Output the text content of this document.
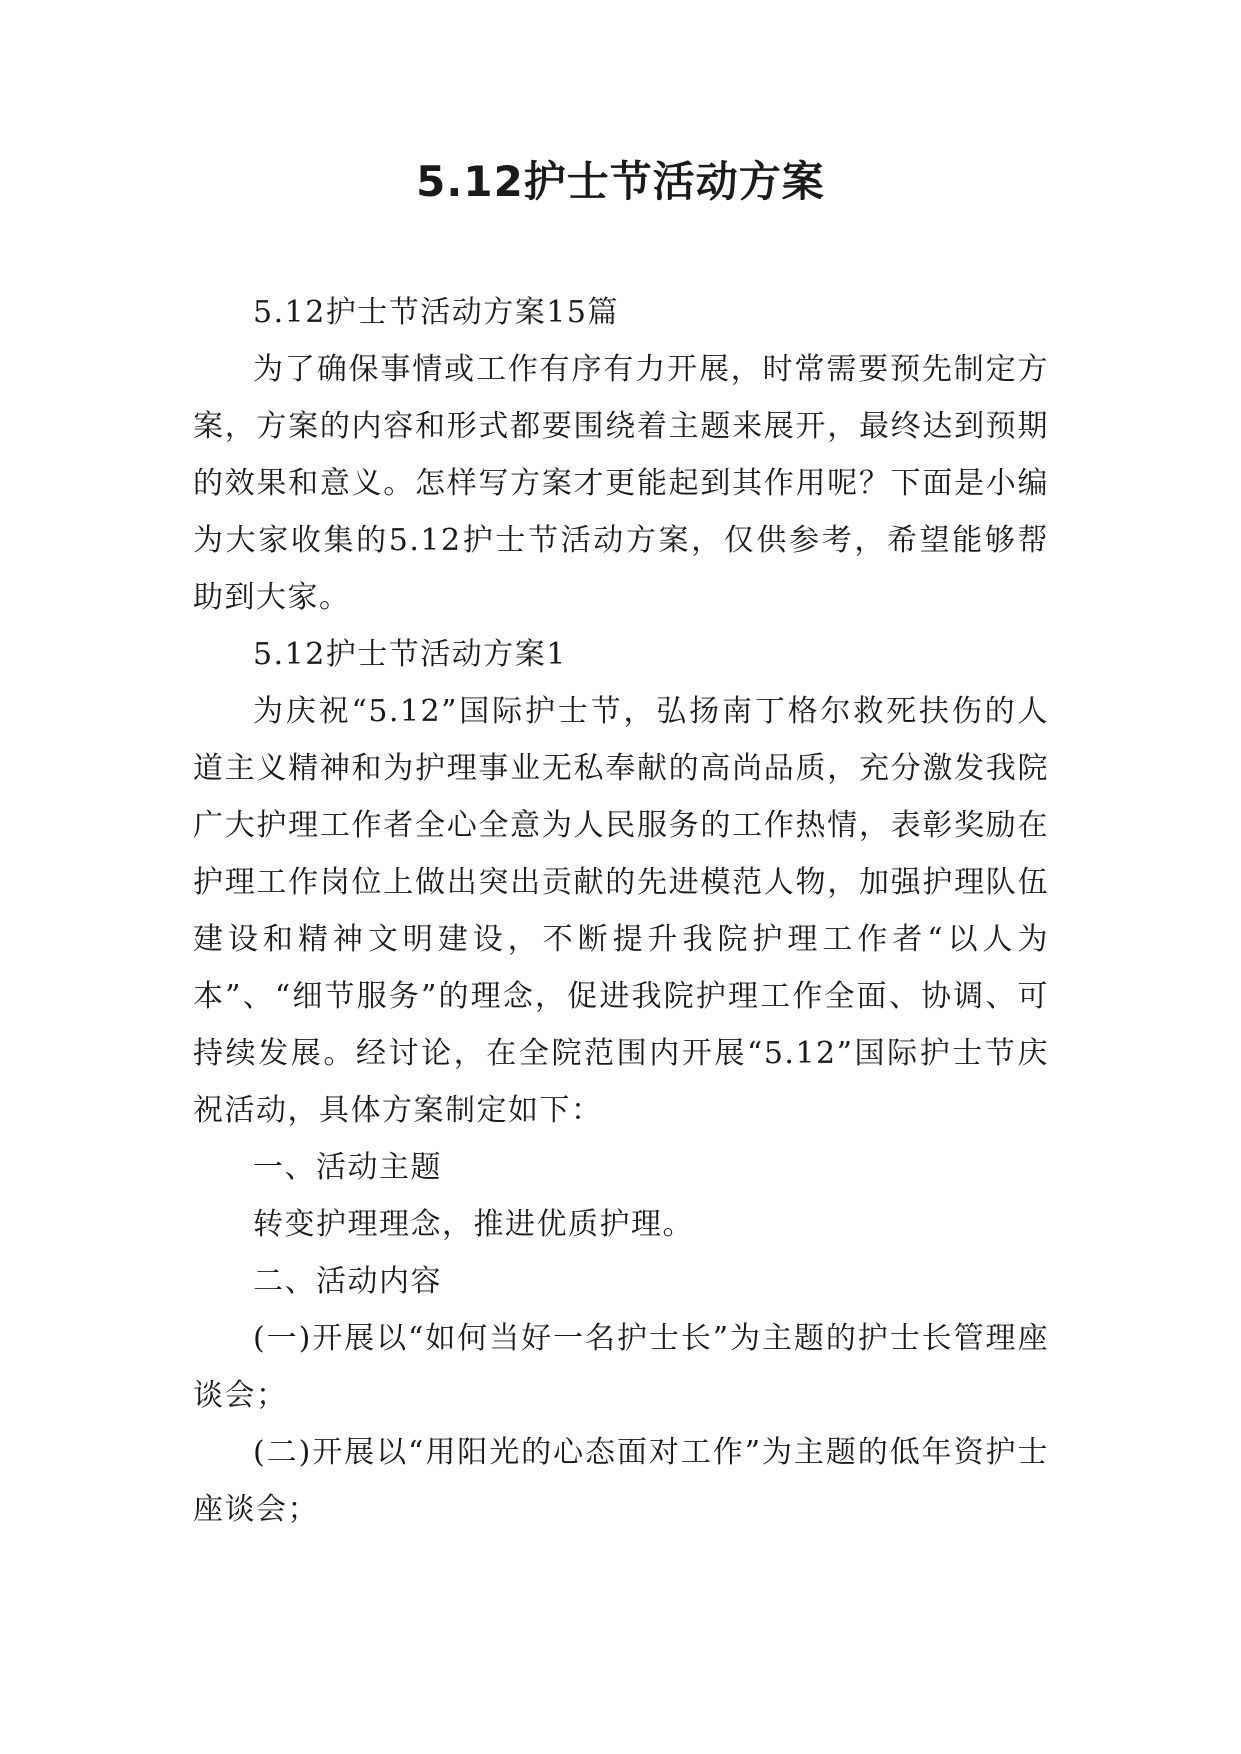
5.12护士节活动方案

5.12护士节活动方案15篇

为了确保事情或工作有序有力开展，时常需要预先制定方案，方案的内容和形式都要围绕着主题来展开，最终达到预期的效果和意义。怎样写方案才更能起到其作用呢？下面是小编为大家收集的5.12护士节活动方案，仅供参考，希望能够帮助到大家。

5.12护士节活动方案1

为庆祝“5.12”国际护士节，弘扬南丁格尔救死扶伤的人道主义精神和为护理事业无私奉献的高尚品质，充分激发我院广大护理工作者全心全意为人民服务的工作热情，表彰奖励在护理工作岗位上做出突出贡献的先进模范人物，加强护理队伍建设和精神文明建设，不断提升我院护理工作者“以人为本”、“细节服务”的理念，促进我院护理工作全面、协调、可持续发展。经讨论，在全院范围内开展“5.12”国际护士节庆祝活动，具体方案制定如下：

一、活动主题

转变护理理念，推进优质护理。

二、活动内容

(一)开展以“如何当好一名护士长”为主题的护士长管理座谈会；

(二)开展以“用阳光的心态面对工作”为主题的低年资护士座谈会；
